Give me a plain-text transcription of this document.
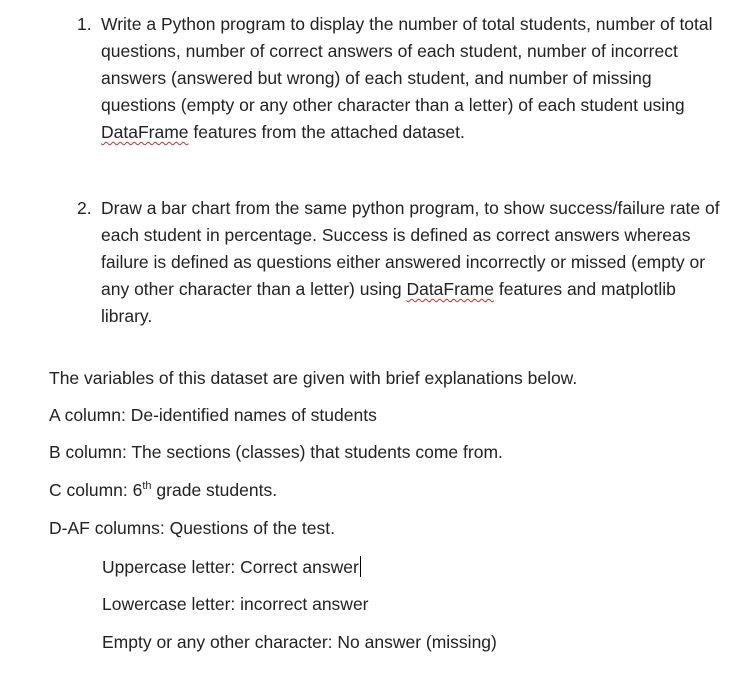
1. Write a Python program to display the number of total students, number of total questions, number of correct answers of each student, number of incorrect answers (answered but wrong) of each student, and number of missing questions (empty or any other character than a letter) of each student using DataFrame features from the attached dataset.
2. Draw a bar chart from the same python program, to show success/failure rate of each student in percentage. Success is defined as correct answers whereas failure is defined as questions either answered incorrectly or missed (empty or any other character than a letter) using DataFrame features and matplotlib library.
The variables of this dataset are given with brief explanations below.
A column: De-identified names of students
B column: The sections (classes) that students come from.
C column: 6th grade students.
D-AF columns: Questions of the test.
Uppercase letter: Correct answer
Lowercase letter: incorrect answer
Empty or any other character: No answer (missing)
